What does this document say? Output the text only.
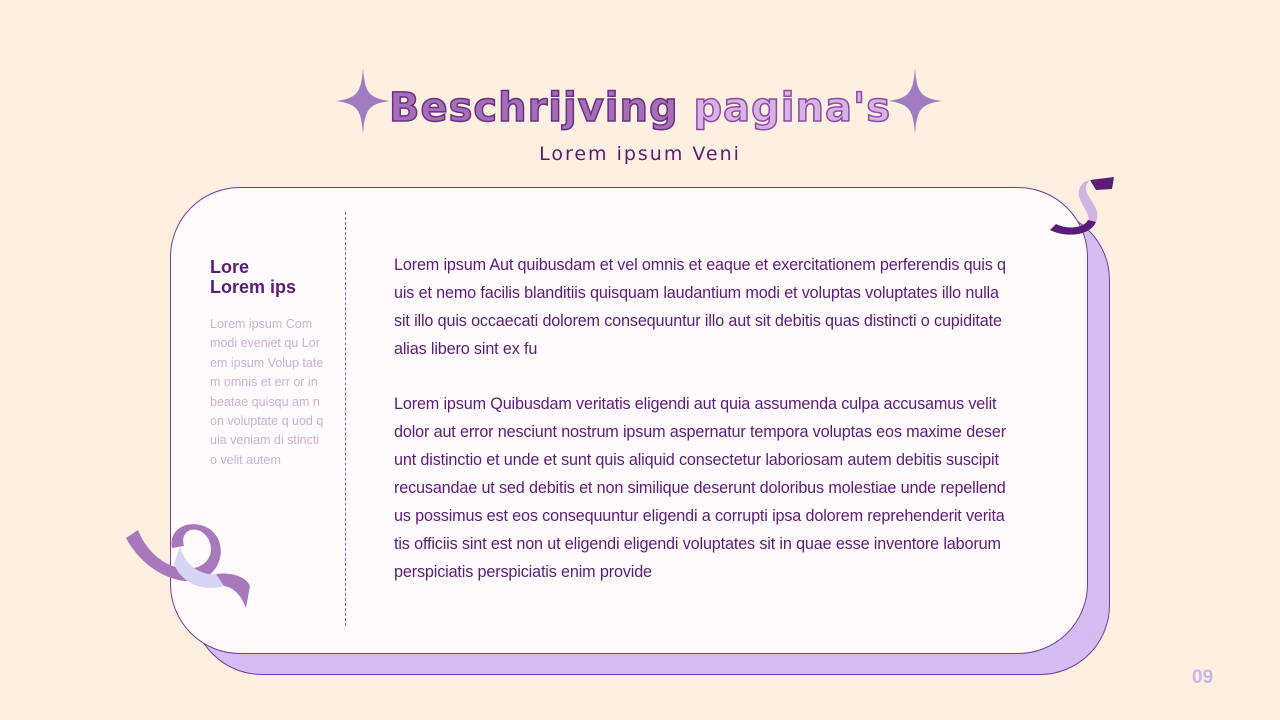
Beschrijving pagina's
Lorem ipsum Veni
Lore
Lorem ips
Lorem ipsum Com modi eveniet qu Lorem ipsum Volup tatem omnis et err or in beatae quisqu am non voluptate q uod quia veniam di stinctio velit autem

Lorem ipsum Aut quibusdam et vel omnis et eaque et exercitationem perferendis quis quis et nemo facilis blanditiis quisquam laudantium modi et voluptas voluptates illo nulla sit illo quis occaecati dolorem consequuntur illo aut sit debitis quas distincti o cupiditate alias libero sint ex fu

Lorem ipsum Quibusdam veritatis eligendi aut quia assumenda culpa accusamus velit dolor aut error nesciunt nostrum ipsum aspernatur tempora voluptas eos maxime deserunt distinctio et unde et sunt quis aliquid consectetur laboriosam autem debitis suscipit recusandae ut sed debitis et non similique deserunt doloribus molestiae unde repellendus possimus est eos consequuntur eligendi a corrupti ipsa dolorem reprehenderit veritatis officiis sint est non ut eligendi eligendi voluptates sit in quae esse inventore laborum perspiciatis perspiciatis enim provide

09
